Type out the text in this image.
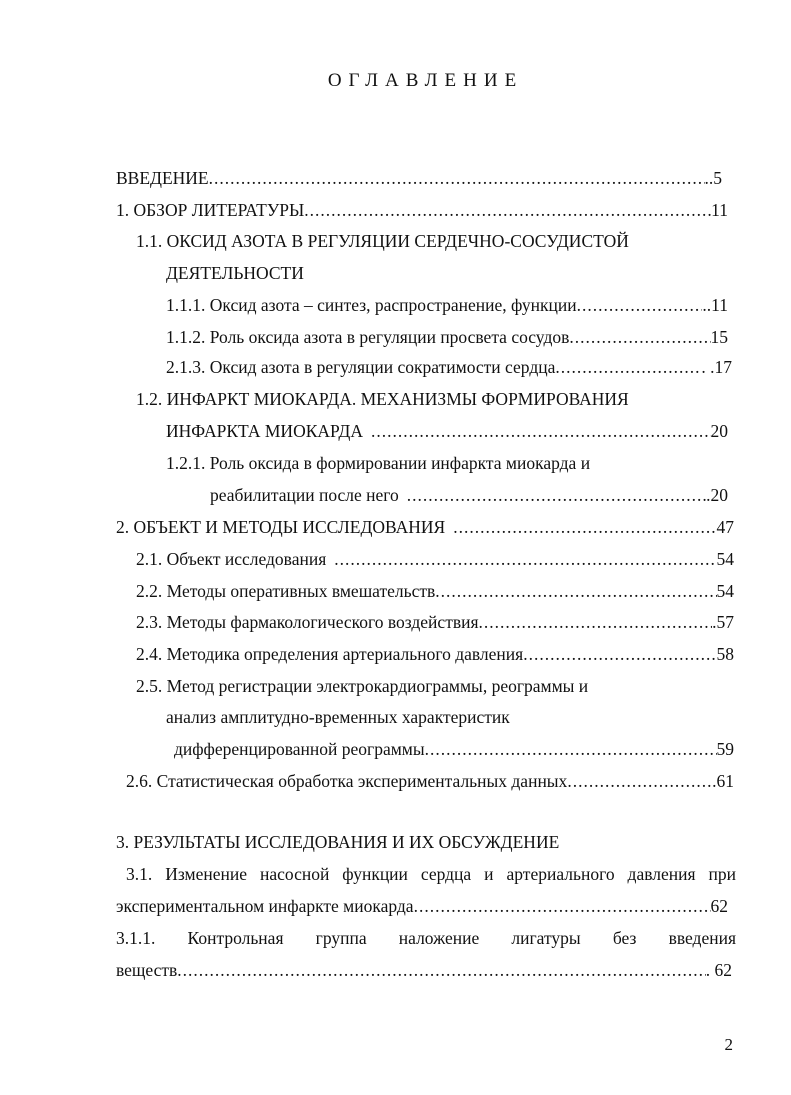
ОГЛАВЛЕНИЕ
ВВЕДЕНИЕ .....	..5
1. ОБЗОР ЛИТЕРАТУРЫ .....	11
1.1. ОКСИД АЗОТА В РЕГУЛЯЦИИ СЕРДЕЧНО-СОСУДИСТОЙ
ДЕЯТЕЛЬНОСТИ
1.1.1. Оксид азота – синтез, распространение, функции .....	..11
1.1.2. Роль оксида азота в регуляции просвета сосудов .....	15
2.1.3. Оксид азота в регуляции сократимости сердца .....	. .17
1.2. ИНФАРКТ МИОКАРДА. МЕХАНИЗМЫ ФОРМИРОВАНИЯ
ИНФАРКТА МИОКАРДА .....	20
1.2.1. Роль оксида в формировании инфаркта миокарда и
реабилитации после него .....	.20
2. ОБЪЕКТ И МЕТОДЫ ИССЛЕДОВАНИЯ .....	47
2.1. Объект исследования .....	54
2.2. Методы оперативных вмешательств .....	54
2.3. Методы фармакологического воздействия .....	.57
2.4. Методика определения артериального давления .....	58
2.5. Метод регистрации электрокардиограммы, реограммы и
анализ амплитудно-временных характеристик
дифференцированной реограммы .....	59
2.6. Статистическая обработка экспериментальных данных .....	.61
3. РЕЗУЛЬТАТЫ ИССЛЕДОВАНИЯ И ИХ ОБСУЖДЕНИЕ
3.1. Изменение насосной функции сердца и артериального давления при
экспериментальном инфаркте миокарда .....	62
3.1.1. Контрольная группа наложение лигатуры без введения
веществ .....	. 62
2
